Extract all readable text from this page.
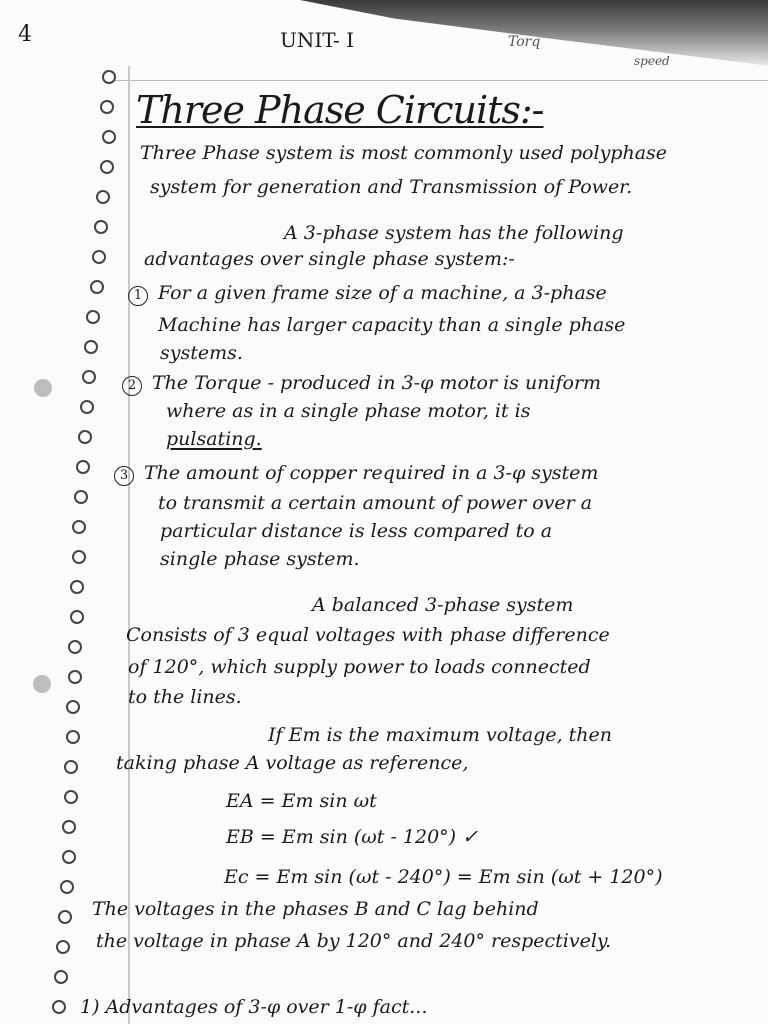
4	UNIT- I	Torq
speed
Three Phase Circuits:-
Three Phase system is most commonly used polyphase
system for generation and Transmission of Power.
A 3-phase system has the following
advantages over single phase system:-
1 For a given frame size of a machine, a 3-phase
Machine has larger capacity than a single phase
systems.
2 The Torque - produced in 3-φ motor is uniform
where as in a single phase motor, it is
pulsating.
3 The amount of copper required in a 3-φ system
to transmit a certain amount of power over a
particular distance is less compared to a
single phase system.
A balanced 3-phase system
Consists of 3 equal voltages with phase difference
of 120°, which supply power to loads connected
to the lines.
If Em is the maximum voltage, then
taking phase A voltage as reference,
EA = Em sin ωt
EB = Em sin (ωt - 120°) ✓
Ec = Em sin (ωt - 240°) = Em sin (ωt + 120°)
The voltages in the phases B and C lag behind
the voltage in phase A by 120° and 240° respectively.
1) Advantages of 3-φ over 1-φ fact...
